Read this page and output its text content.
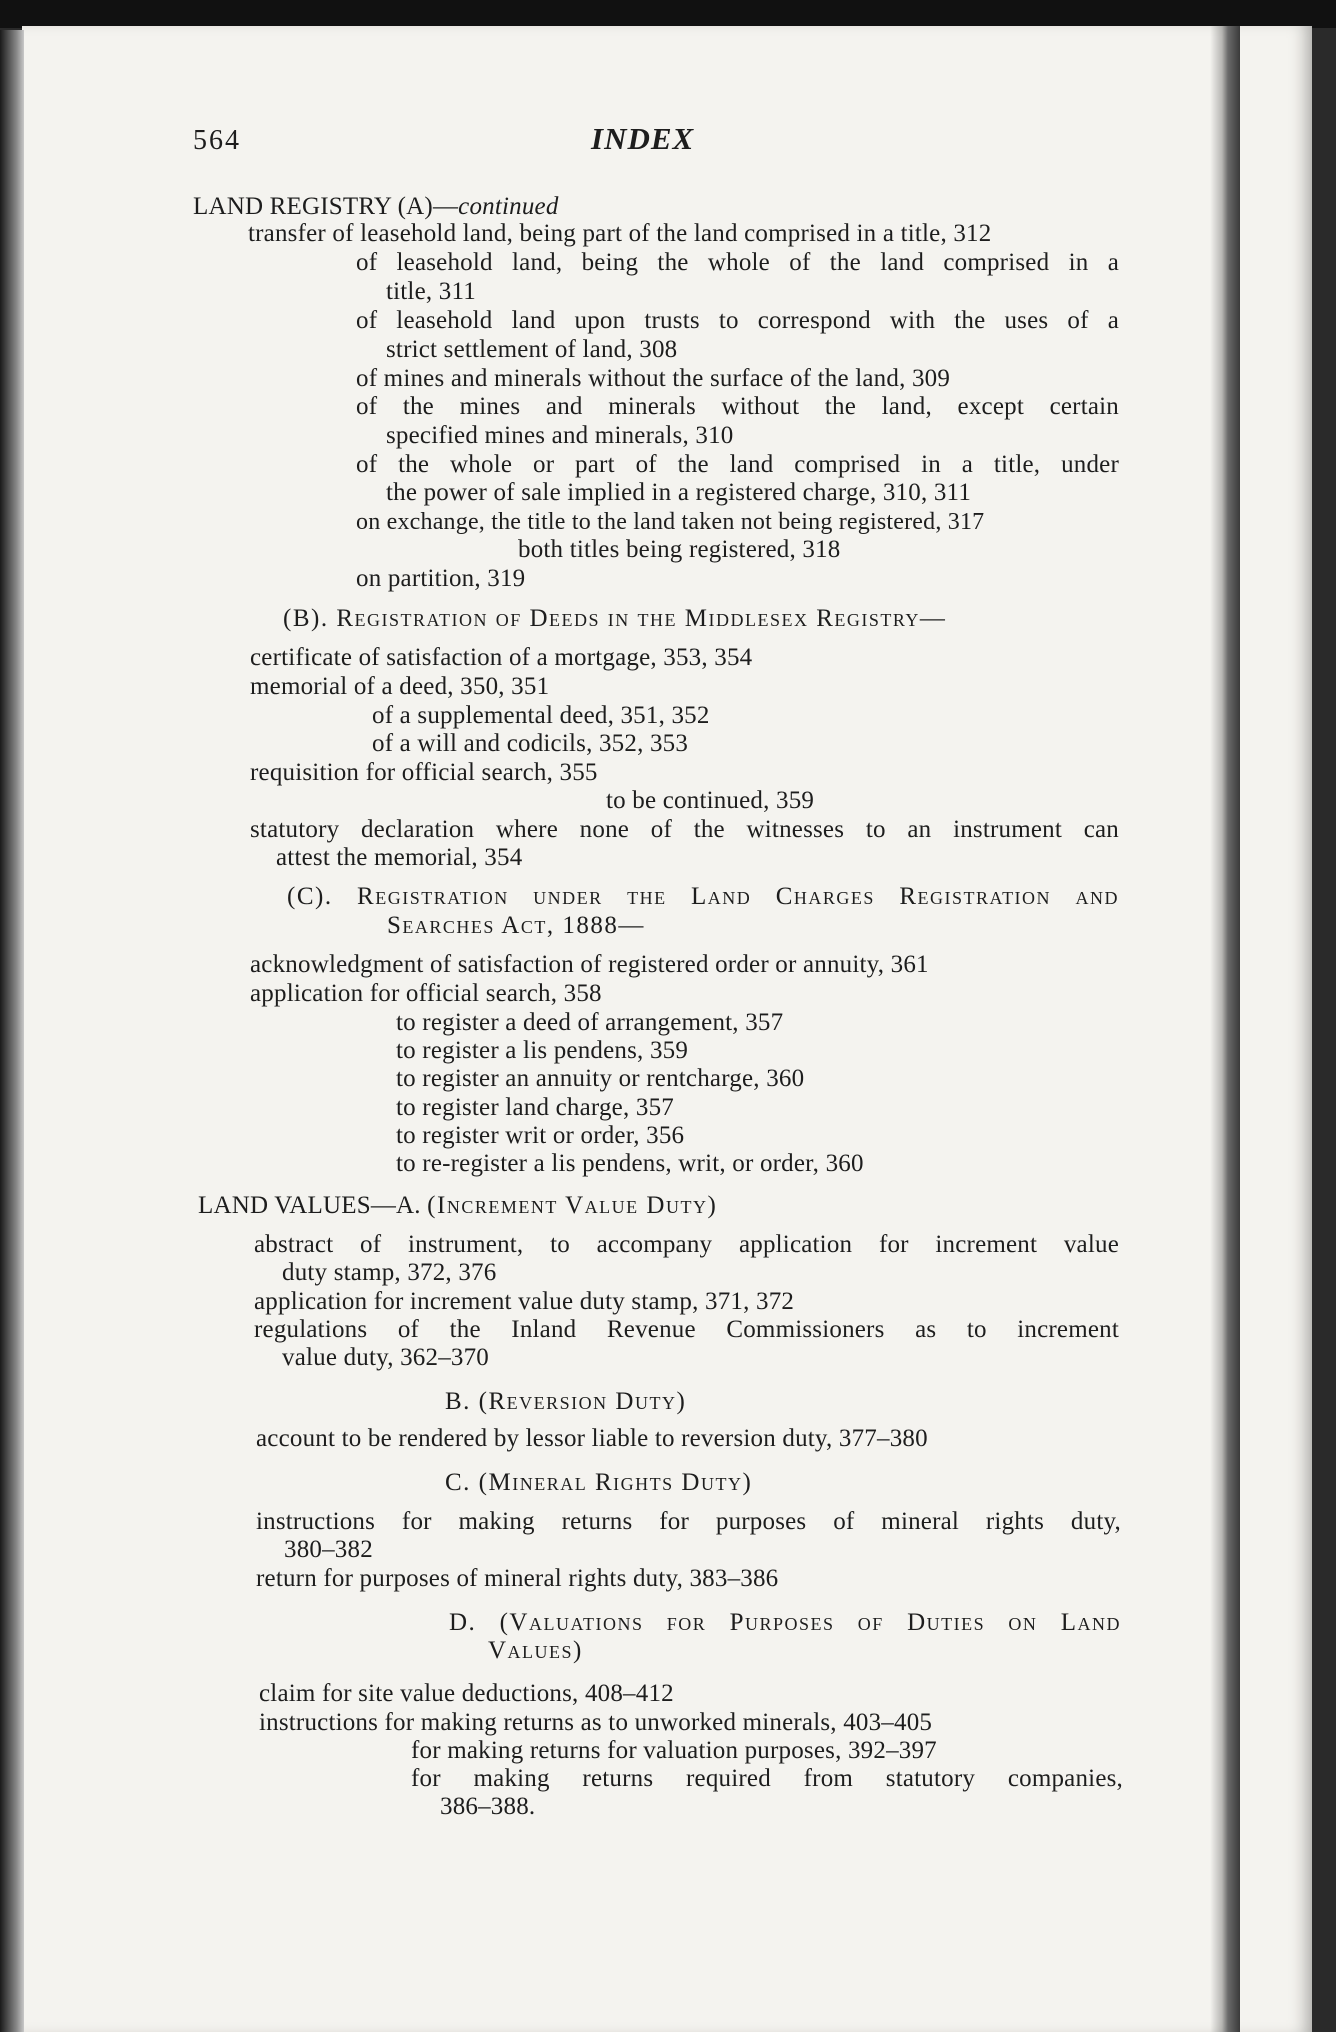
564	INDEX
LAND REGISTRY (A)—continued
transfer of leasehold land, being part of the land comprised in a title, 312
of leasehold land, being the whole of the land comprised in a
title, 311
of leasehold land upon trusts to correspond with the uses of a
strict settlement of land, 308
of mines and minerals without the surface of the land, 309
of the mines and minerals without the land, except certain
specified mines and minerals, 310
of the whole or part of the land comprised in a title, under
the power of sale implied in a registered charge, 310, 311
on exchange, the title to the land taken not being registered, 317
both titles being registered, 318
on partition, 319
(B). Registration of Deeds in the Middlesex Registry—
certificate of satisfaction of a mortgage, 353, 354
memorial of a deed, 350, 351
of a supplemental deed, 351, 352
of a will and codicils, 352, 353
requisition for official search, 355
to be continued, 359
statutory declaration where none of the witnesses to an instrument can
attest the memorial, 354
(C). Registration under the Land Charges Registration and
Searches Act, 1888—
acknowledgment of satisfaction of registered order or annuity, 361
application for official search, 358
to register a deed of arrangement, 357
to register a lis pendens, 359
to register an annuity or rentcharge, 360
to register land charge, 357
to register writ or order, 356
to re-register a lis pendens, writ, or order, 360
LAND VALUES—A. (Increment Value Duty)
abstract of instrument, to accompany application for increment value
duty stamp, 372, 376
application for increment value duty stamp, 371, 372
regulations of the Inland Revenue Commissioners as to increment
value duty, 362–370
B. (Reversion Duty)
account to be rendered by lessor liable to reversion duty, 377–380
C. (Mineral Rights Duty)
instructions for making returns for purposes of mineral rights duty,
380–382
return for purposes of mineral rights duty, 383–386
D. (Valuations for Purposes of Duties on Land
Values)
claim for site value deductions, 408–412
instructions for making returns as to unworked minerals, 403–405
for making returns for valuation purposes, 392–397
for making returns required from statutory companies,
386–388.
